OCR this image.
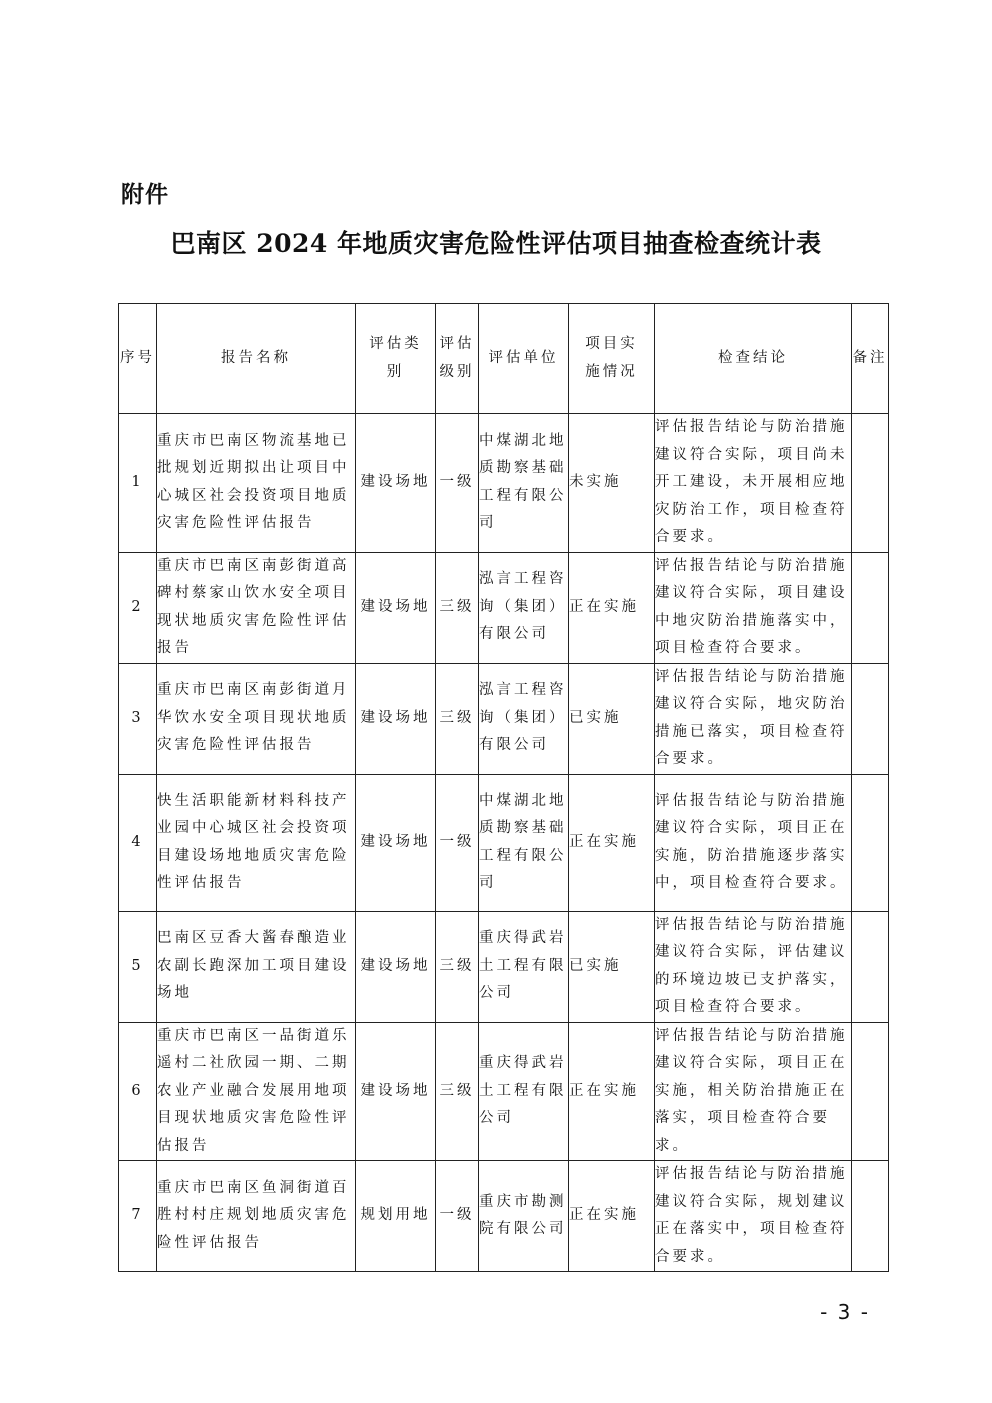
附件
巴南区 2024 年地质灾害危险性评估项目抽查检查统计表
序号	报告名称	评估类别	评估级别	评估单位	项目实施情况	检查结论	备注
1	重庆市巴南区物流基地已批规划近期拟出让项目中心城区社会投资项目地质灾害危险性评估报告	建设场地	一级	中煤湖北地质勘察基础工程有限公司	未实施	评估报告结论与防治措施建议符合实际，项目尚未开工建设，未开展相应地灾防治工作，项目检查符合要求。	
2	重庆市巴南区南彭街道高碑村蔡家山饮水安全项目 现状地质灾害危险性评估报告	建设场地	三级	泓言工程咨询（集团）有限公司	正在实施	评估报告结论与防治措施建议符合实际，项目建设中地灾防治措施落实中，项目检查符合要求。	
3	重庆市巴南区南彭街道月华饮水安全项目现状地质灾害危险性评估报告	建设场地	三级	泓言工程咨询（集团）有限公司	已实施	评估报告结论与防治措施建议符合实际，地灾防治措施已落实，项目检查符合要求。	
4	快生活职能新材料科技产业园中心城区社会投资项目建设场地地质灾害危险性评估报告	建设场地	一级	中煤湖北地质勘察基础工程有限公司	正在实施	评估报告结论与防治措施建议符合实际，项目正在实施，防治措施逐步落实中，项目检查符合要求。	
5	巴南区豆香大酱春酿造业农副长跑深加工项目建设场地	建设场地	三级	重庆得武岩土工程有限公司	已实施	评估报告结论与防治措施建议符合实际，评估建议的环境边坡已支护落实，项目检查符合要求。	
6	重庆市巴南区一品街道乐遥村二社欣园一期、二期农业产业融合发展用地项目现状地质灾害危险性评估报告	建设场地	三级	重庆得武岩土工程有限公司	正在实施	评估报告结论与防治措施建议符合实际，项目正在实施，相关防治措施正在落实，项目检查符合要求。	
7	重庆市巴南区鱼洞街道百胜村村庄规划地质灾害危险性评估报告	规划用地	一级	重庆市勘测院有限公司	正在实施	评估报告结论与防治措施建议符合实际，规划建议正在落实中，项目检查符合要求。	
- 3 -
